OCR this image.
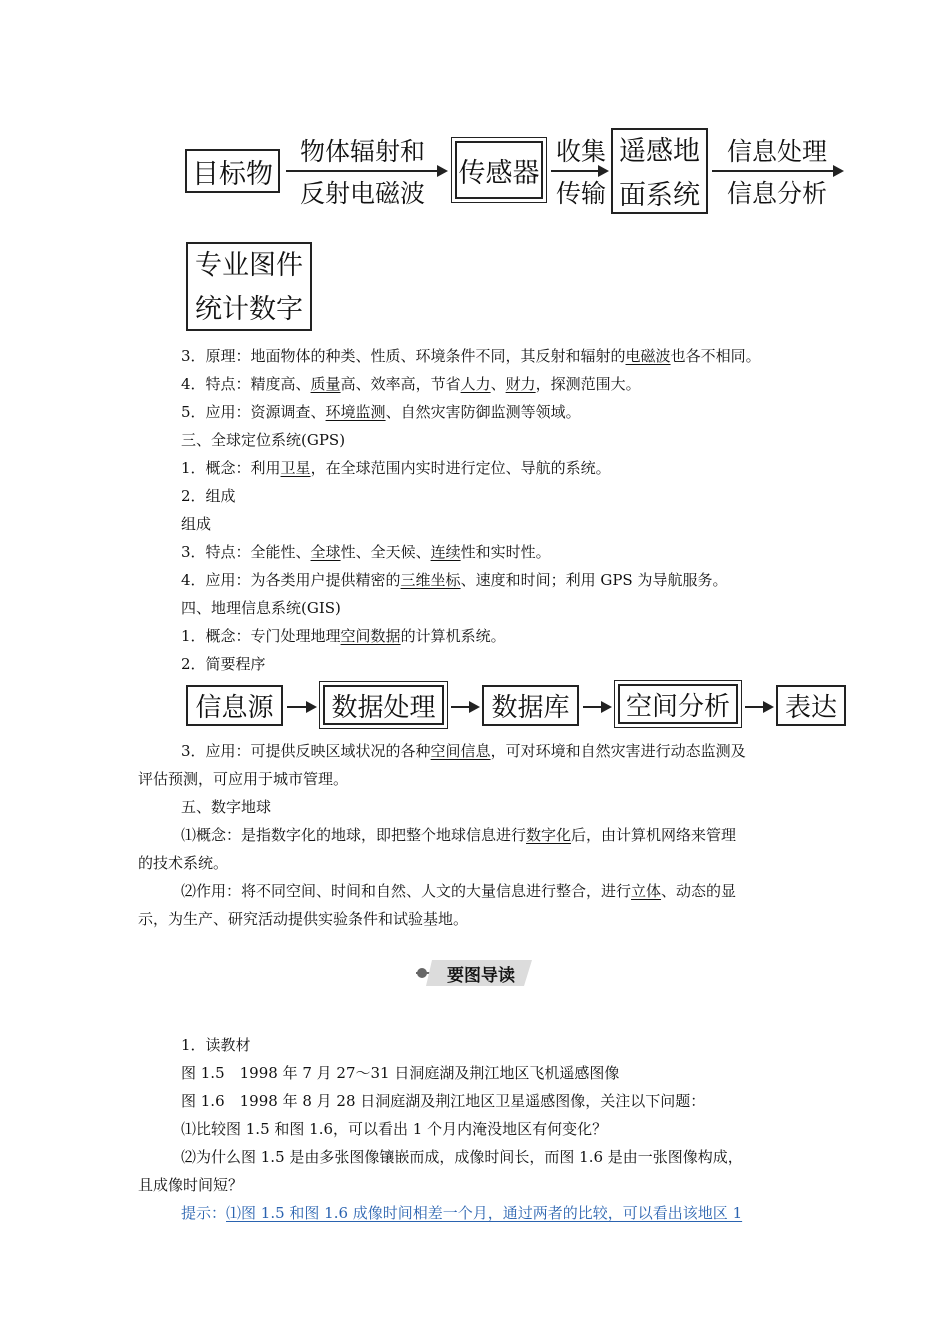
目标物
物体辐射和
反射电磁波
传感器
收集
传输
遥感地
面系统
信息处理
信息分析
专业图件
统计数字
3．原理：地面物体的种类、性质、环境条件不同，其反射和辐射的电磁波也各不相同。
4．特点：精度高、质量高、效率高，节省人力、财力，探测范围大。
5．应用：资源调查、环境监测、自然灾害防御监测等领域。
三、全球定位系统(GPS)
1．概念：利用卫星，在全球范围内实时进行定位、导航的系统。
2．组成
组成
3．特点：全能性、全球性、全天候、连续性和实时性。
4．应用：为各类用户提供精密的三维坐标、速度和时间；利用 GPS 为导航服务。
四、地理信息系统(GIS)
1．概念：专门处理地理空间数据的计算机系统。
2．简要程序
信息源 数据处理 数据库 空间分析 表达
3．应用：可提供反映区域状况的各种空间信息，可对环境和自然灾害进行动态监测及
评估预测，可应用于城市管理。
五、数字地球
⑴概念：是指数字化的地球，即把整个地球信息进行数字化后，由计算机网络来管理
的技术系统。
⑵作用：将不同空间、时间和自然、人文的大量信息进行整合，进行立体、动态的显
示，为生产、研究活动提供实验条件和试验基地。
要图导读
1．读教材
图 1.5　1998 年 7 月 27～31 日洞庭湖及荆江地区飞机遥感图像
图 1.6　1998 年 8 月 28 日洞庭湖及荆江地区卫星遥感图像，关注以下问题：
⑴比较图 1.5 和图 1.6，可以看出 1 个月内淹没地区有何变化？
⑵为什么图 1.5 是由多张图像镶嵌而成，成像时间长，而图 1.6 是由一张图像构成，
且成像时间短？
提示：⑴图 1.5 和图 1.6 成像时间相差一个月，通过两者的比较，可以看出该地区 1
